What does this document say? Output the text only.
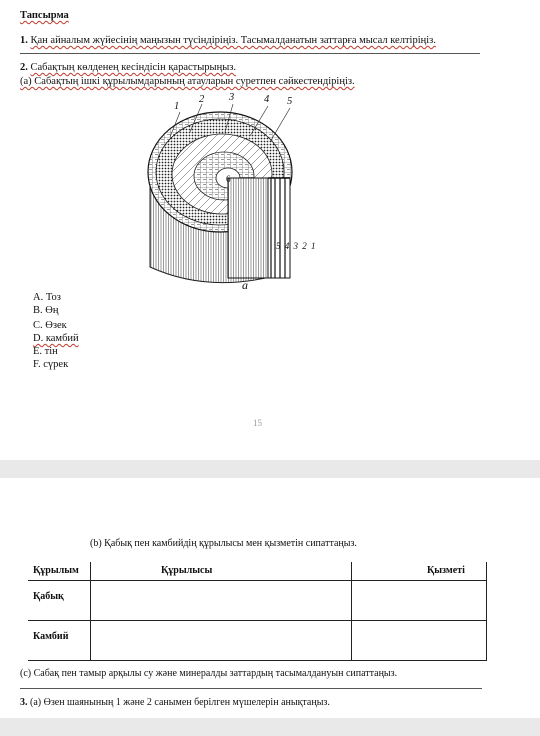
Тапсырма
1. Қан айналым жүйесінің маңызын түсіндіріңіз. Тасымалданатын заттарға мысал келтіріңіз.
2. Сабақтың көлденең кесіндісін қарастырыңыз.
(а) Сабақтың ішкі құрылымдарының атауларын суретпен сәйкестендіріңіз.
1
2 3	4 5
6
5 4 3 2 1
а
A. Тоз
B. Өң
C. Өзек
D. камбий
E. тін
F. сүрек
15
(b) Қабық пен камбийдің құрылысы мен қызметін сипаттаңыз.
Құрылым	Құрылысы	Қызметі
Қабық		
Камбий		
(с) Сабақ пен тамыр арқылы су және минералды заттардың тасымалдануын сипаттаңыз.
3. (а) Өзен шаянының 1 және 2 санымен берілген мүшелерін анықтаңыз.
